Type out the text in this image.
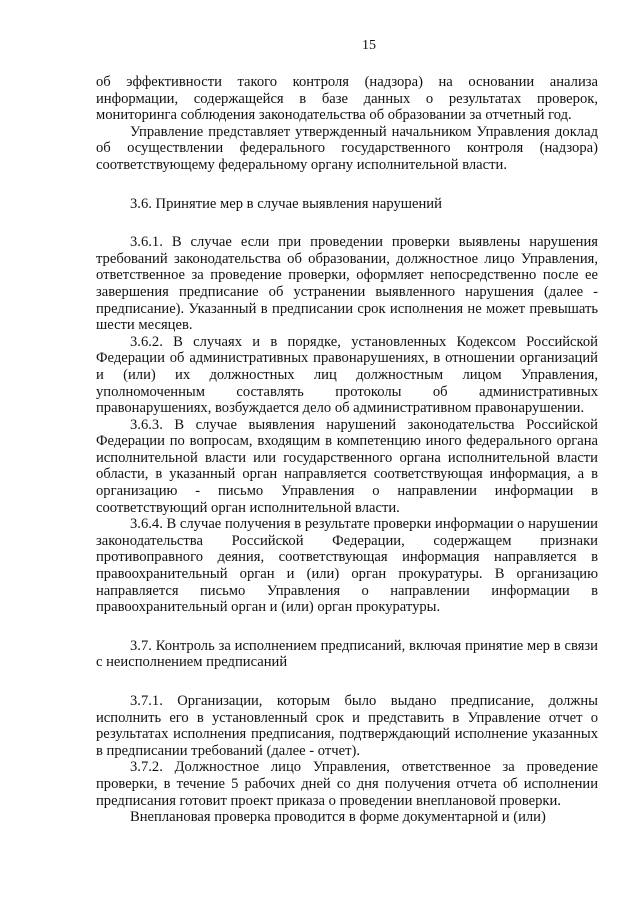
15

об эффективности такого контроля (надзора) на основании анализа информации, содержащейся в базе данных о результатах проверок, мониторинга соблюдения законодательства об образовании за отчетный год.

Управление представляет утвержденный начальником Управления доклад об осуществлении федерального государственного контроля (надзора) соответствующему федеральному органу исполнительной власти.

3.6. Принятие мер в случае выявления нарушений

3.6.1. В случае если при проведении проверки выявлены нарушения требований законодательства об образовании, должностное лицо Управления, ответственное за проведение проверки, оформляет непосредственно после ее завершения предписание об устранении выявленного нарушения (далее - предписание). Указанный в предписании срок исполнения не может превышать шести месяцев.

3.6.2. В случаях и в порядке, установленных Кодексом Российской Федерации об административных правонарушениях, в отношении организаций и (или) их должностных лиц должностным лицом Управления, уполномоченным составлять протоколы об административных правонарушениях, возбуждается дело об административном правонарушении.

3.6.3. В случае выявления нарушений законодательства Российской Федерации по вопросам, входящим в компетенцию иного федерального органа исполнительной власти или государственного органа исполнительной власти области, в указанный орган направляется соответствующая информация, а в организацию - письмо Управления о направлении информации в соответствующий орган исполнительной власти.

3.6.4. В случае получения в результате проверки информации о нарушении законодательства Российской Федерации, содержащем признаки противоправного деяния, соответствующая информация направляется в правоохранительный орган и (или) орган прокуратуры. В организацию направляется письмо Управления о направлении информации в правоохранительный орган и (или) орган прокуратуры.

3.7. Контроль за исполнением предписаний, включая принятие мер в связи с неисполнением предписаний

3.7.1. Организации, которым было выдано предписание, должны исполнить его в установленный срок и представить в Управление отчет о результатах исполнения предписания, подтверждающий исполнение указанных в предписании требований (далее - отчет).

3.7.2. Должностное лицо Управления, ответственное за проведение проверки, в течение 5 рабочих дней со дня получения отчета об исполнении предписания готовит проект приказа о проведении внеплановой проверки.

Внеплановая проверка проводится в форме документарной и (или)
